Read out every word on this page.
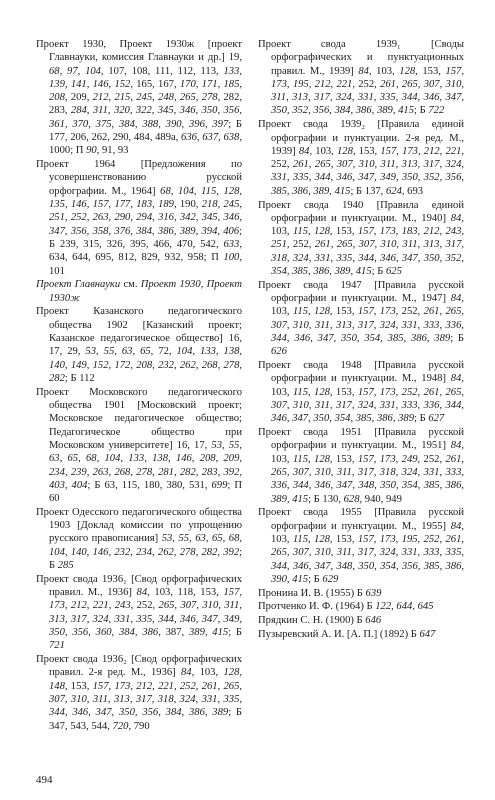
Проект 1930, Проект 1930ж [проект Главнауки, комиссия Главнауки и др.] 19, 68, 97, 104, 107, 108, 111, 112, 113, 133, 139, 141, 146, 152, 165, 167, 170, 171, 185, 208, 209, 212, 215, 245, 248, 265, 278, 282, 283, 284, 311, 320, 322, 345, 346, 350, 356, 361, 370, 375, 384, 388, 390, 396, 397; Б 177, 206, 262, 290, 484, 489a, 636, 637, 638, 1000; П 90, 91, 93
Проект 1964 [Предложения по усовершенствованию русской орфографии. М., 1964] 68, 104, 115, 128, 135, 146, 157, 177, 183, 189, 190, 218, 245, 251, 252, 263, 290, 294, 316, 342, 345, 346, 347, 356, 358, 376, 384, 386, 389, 394, 406; Б 239, 315, 326, 395, 466, 470, 542, 633, 634, 644, 695, 812, 829, 932, 958; П 100, 101
Проект Главнауки см. Проект 1930, Проект 1930ж
Проект Казанского педагогического общества 1902 [Казанский проект; Казанское педагогическое общество] 16, 17, 29, 53, 55, 63, 65, 72, 104, 133, 138, 140, 149, 152, 172, 208, 232, 262, 268, 278, 282; Б 112
Проект Московского педагогического общества 1901 [Московский проект; Московское педагогическое общество; Педагогическое общество при Московском университете] 16, 17, 53, 55, 63, 65, 68, 104, 133, 138, 146, 208, 209, 234, 239, 263, 268, 278, 281, 282, 283, 392, 403, 404; Б 63, 115, 180, 380, 531, 699; П 60
Проект Одесского педагогического общества 1903 [Доклад комиссии по упрощению русского правописания] 53, 55, 63, 65, 68, 104, 140, 146, 232, 234, 262, 278, 282, 392; Б 285
Проект свода 1936₁ [Свод орфографических правил. М., 1936] 84, 103, 118, 153, 157, 173, 212, 221, 243, 252, 265, 307, 310, 311, 313, 317, 324, 331, 335, 344, 346, 347, 349, 350, 356, 360, 384, 386, 387, 389, 415; Б 721
Проект свода 1936₂ [Свод орфографических правил. 2-я ред. М., 1936] 84, 103, 128, 148, 153, 157, 173, 212, 221, 252, 261, 265, 307, 310, 311, 313, 317, 318, 324, 331, 335, 344, 346, 347, 350, 356, 384, 386, 389; Б 347, 543, 544, 720, 790
Проект свода 1939₁ [Своды орфографических и пунктуационных правил. М., 1939] 84, 103, 128, 153, 157, 173, 195, 212, 221, 252, 261, 265, 307, 310, 311, 313, 317, 324, 331, 335, 344, 346, 347, 350, 352, 356, 384, 386, 389, 415; Б 722
Проект свода 1939₂ [Правила единой орфографии и пунктуации. 2-я ред. М., 1939] 84, 103, 128, 153, 157, 173, 212, 221, 252, 261, 265, 307, 310, 311, 313, 317, 324, 331, 335, 344, 346, 347, 349, 350, 352, 356, 385, 386, 389, 415; Б 137, 624, 693
Проект свода 1940 [Правила единой орфографии и пунктуации. М., 1940] 84, 103, 115, 128, 153, 157, 173, 183, 212, 243, 251, 252, 261, 265, 307, 310, 311, 313, 317, 318, 324, 331, 335, 344, 346, 347, 350, 352, 354, 385, 386, 389, 415; Б 625
Проект свода 1947 [Правила русской орфографии и пунктуации. М., 1947] 84, 103, 115, 128, 153, 157, 173, 252, 261, 265, 307, 310, 311, 313, 317, 324, 331, 333, 336, 344, 346, 347, 350, 354, 385, 386, 389; Б 626
Проект свода 1948 [Правила русской орфографии и пунктуации. М., 1948] 84, 103, 115, 128, 153, 157, 173, 252, 261, 265, 307, 310, 311, 317, 324, 331, 333, 336, 344, 346, 347, 350, 354, 385, 386, 389; Б 627
Проект свода 1951 [Правила русской орфографии и пунктуации. М., 1951] 84, 103, 115, 128, 153, 157, 173, 249, 252, 261, 265, 307, 310, 311, 317, 318, 324, 331, 333, 336, 344, 346, 347, 348, 350, 354, 385, 386, 389, 415; Б 130, 628, 940, 949
Проект свода 1955 [Правила русской орфографии и пунктуации. М., 1955] 84, 103, 115, 128, 153, 157, 173, 195, 252, 261, 265, 307, 310, 311, 317, 324, 331, 333, 335, 344, 346, 347, 348, 350, 354, 356, 385, 386, 390, 415; Б 629
Пронина И. В. (1955) Б 639
Протченко И. Ф. (1964) Б 122, 644, 645
Прядкин С. Н. (1900) Б 646
Пузыревский А. И. [А. П.] (1892) Б 647
494
